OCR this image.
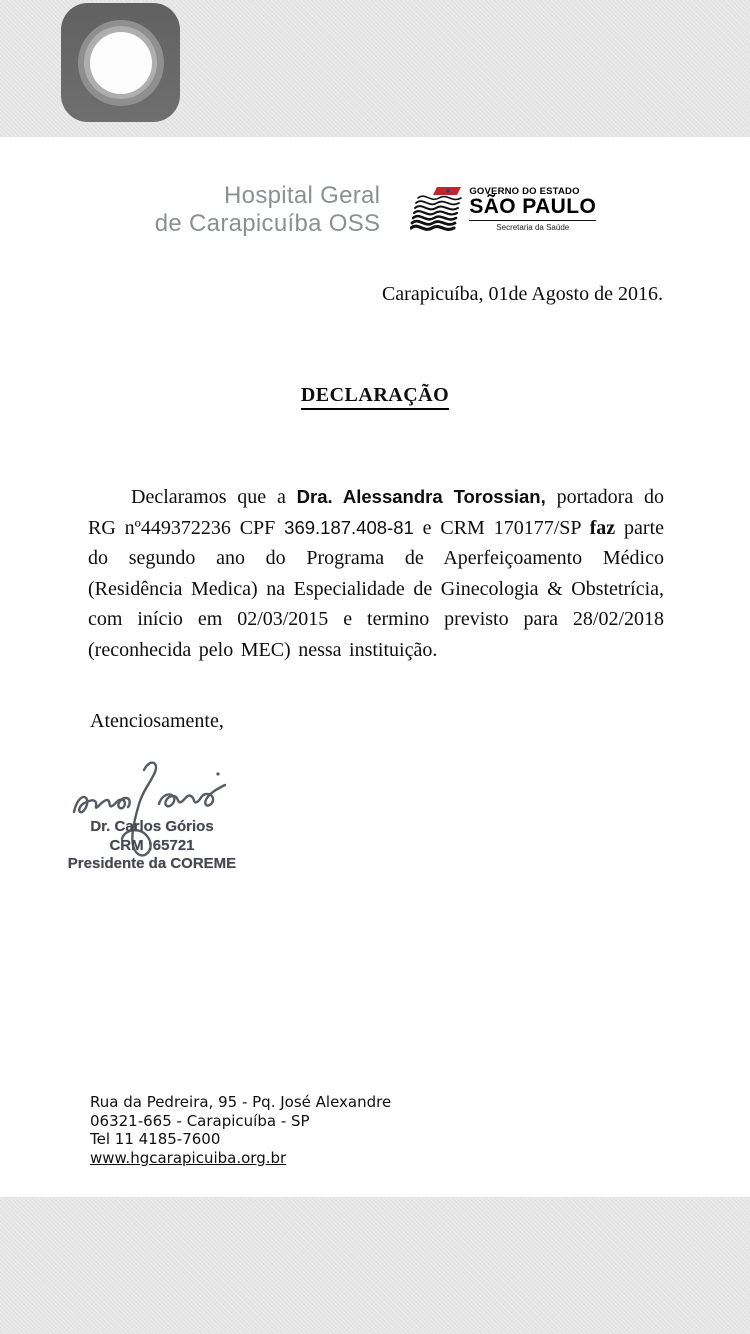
Hospital Geral
de Carapicuíba OSS
GOVERNO DO ESTADO
SÃO PAULO
Secretaria da Saúde
Carapicuíba, 01de Agosto de 2016.
DECLARAÇÃO

Declaramos que a Dra. Alessandra Torossian, portadora do RG nº449372236 CPF 369.187.408-81 e CRM 170177/SP faz parte do segundo ano do Programa de Aperfeiçoamento Médico (Residência Medica) na Especialidade de Ginecologia & Obstetrícia, com início em 02/03/2015 e termino previsto para 28/02/2018 (reconhecida pelo MEC) nessa instituição.

Atenciosamente,
Dr. Carlos Górios
CRM :65721
Presidente da COREME
Rua da Pedreira, 95 - Pq. José Alexandre
06321-665 - Carapicuíba - SP
Tel 11 4185-7600
www.hgcarapicuiba.org.br
